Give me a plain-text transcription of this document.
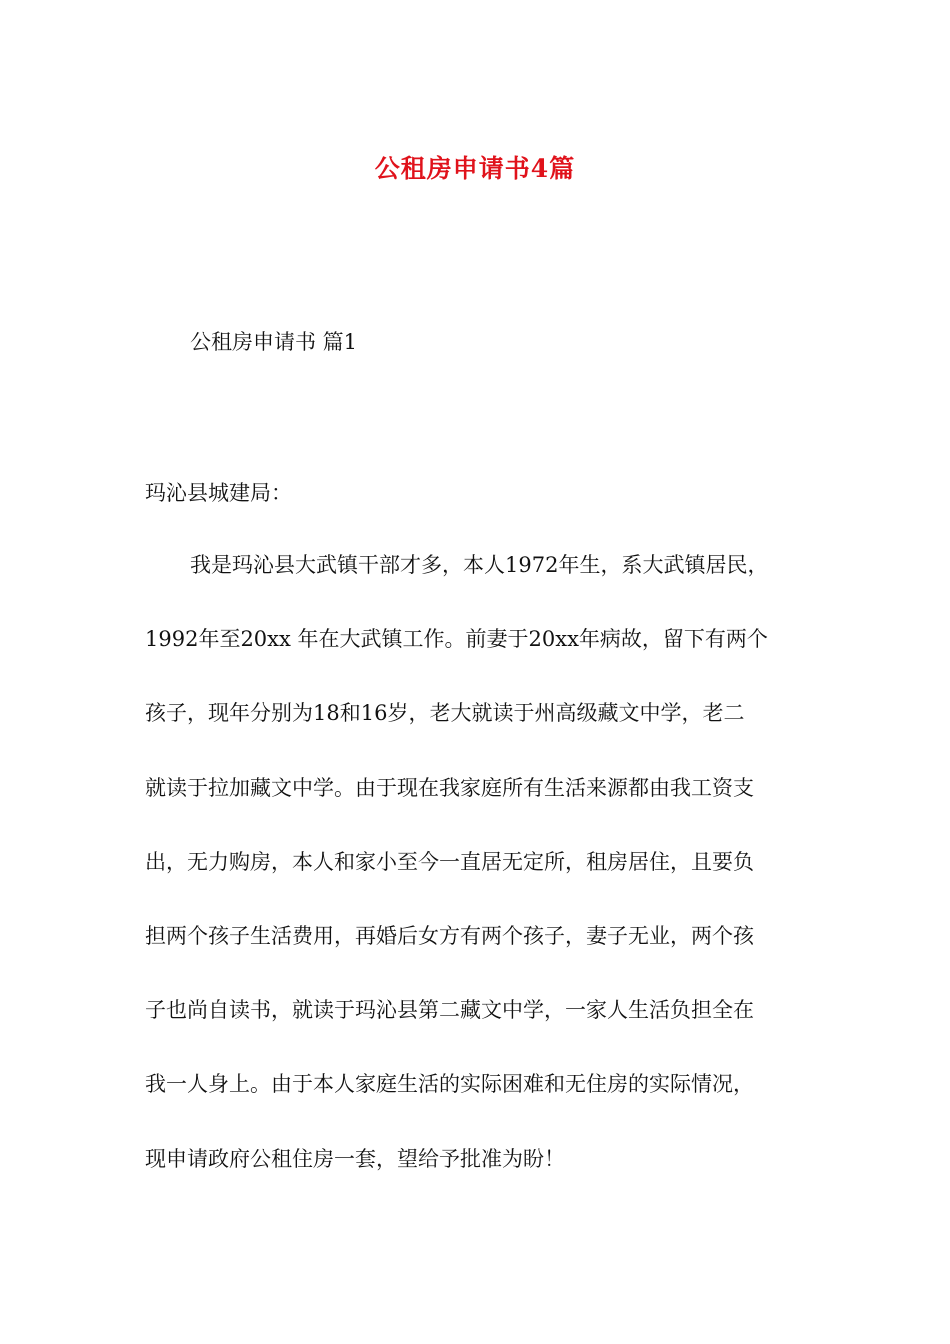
公租房申请书4篇
公租房申请书 篇1
玛沁县城建局：
我是玛沁县大武镇干部才多，本人1972年生，系大武镇居民，
1992年至20xx 年在大武镇工作。前妻于20xx年病故，留下有两个
孩子，现年分别为18和16岁，老大就读于州高级藏文中学，老二
就读于拉加藏文中学。由于现在我家庭所有生活来源都由我工资支
出，无力购房，本人和家小至今一直居无定所，租房居住，且要负
担两个孩子生活费用，再婚后女方有两个孩子，妻子无业，两个孩
子也尚自读书，就读于玛沁县第二藏文中学，一家人生活负担全在
我一人身上。由于本人家庭生活的实际困难和无住房的实际情况，
现申请政府公租住房一套，望给予批准为盼！
